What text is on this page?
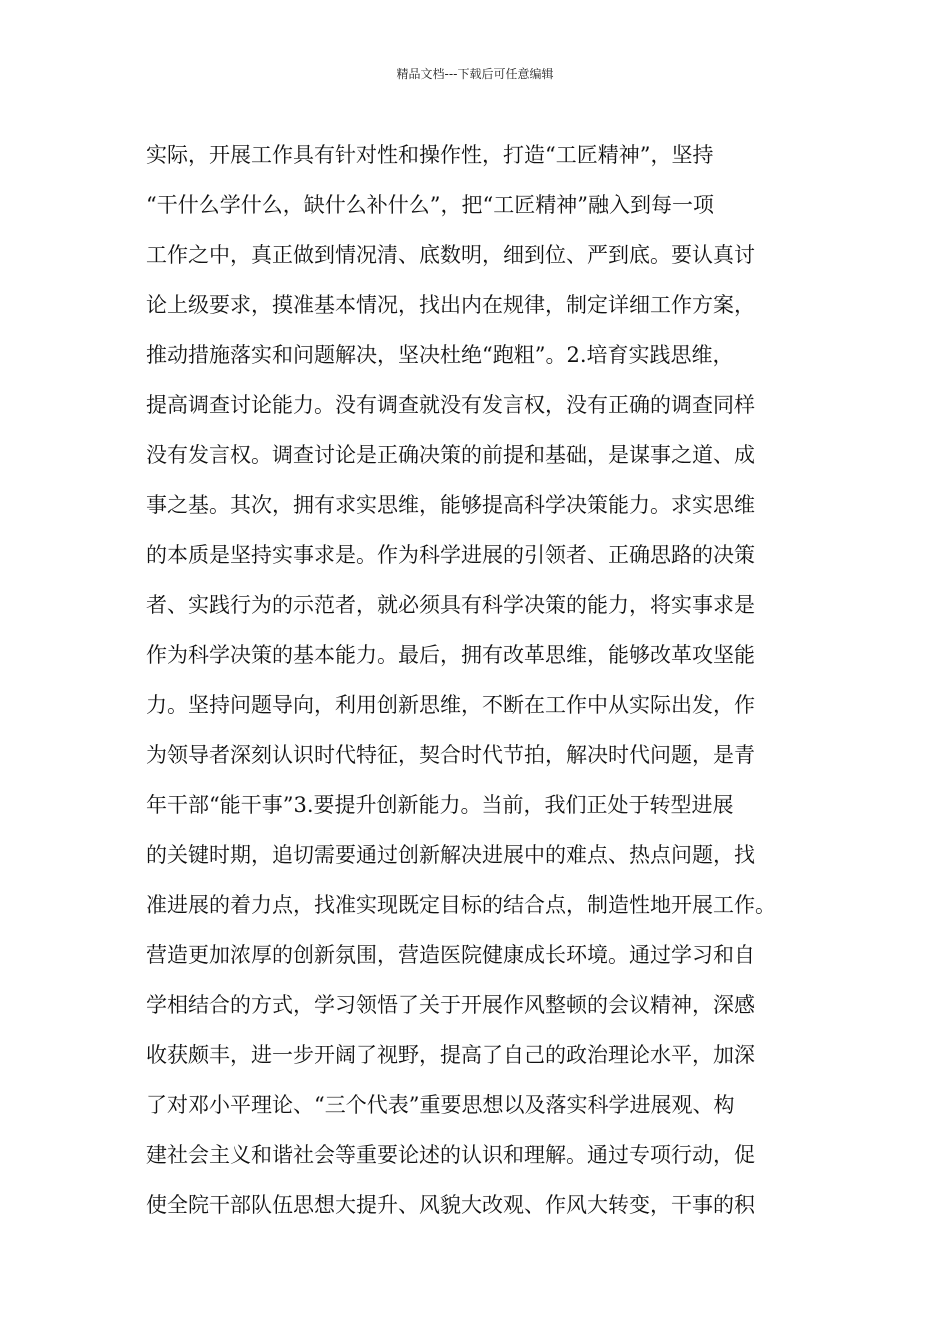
精品文档---下载后可任意编辑
实际，开展工作具有针对性和操作性，打造“工匠精神”，坚持
“干什么学什么，缺什么补什么”，把“工匠精神”融入到每一项
工作之中，真正做到情况清、底数明，细到位、严到底。要认真讨
论上级要求，摸准基本情况，找出内在规律，制定详细工作方案，
推动措施落实和问题解决，坚决杜绝“跑粗”。2.培育实践思维，
提高调查讨论能力。没有调查就没有发言权，没有正确的调查同样
没有发言权。调查讨论是正确决策的前提和基础，是谋事之道、成
事之基。其次，拥有求实思维，能够提高科学决策能力。求实思维
的本质是坚持实事求是。作为科学进展的引领者、正确思路的决策
者、实践行为的示范者，就必须具有科学决策的能力，将实事求是
作为科学决策的基本能力。最后，拥有改革思维，能够改革攻坚能
力。坚持问题导向，利用创新思维，不断在工作中从实际出发，作
为领导者深刻认识时代特征，契合时代节拍，解决时代问题，是青
年干部“能干事”3.要提升创新能力。当前，我们正处于转型进展
的关键时期，追切需要通过创新解决进展中的难点、热点问题，找
准进展的着力点，找准实现既定目标的结合点，制造性地开展工作。
营造更加浓厚的创新氛围，营造医院健康成长环境。通过学习和自
学相结合的方式，学习领悟了关于开展作风整顿的会议精神，深感
收获颇丰，进一步开阔了视野，提高了自己的政治理论水平，加深
了对邓小平理论、“三个代表”重要思想以及落实科学进展观、构
建社会主义和谐社会等重要论述的认识和理解。通过专项行动，促
使全院干部队伍思想大提升、风貌大改观、作风大转变，干事的积
